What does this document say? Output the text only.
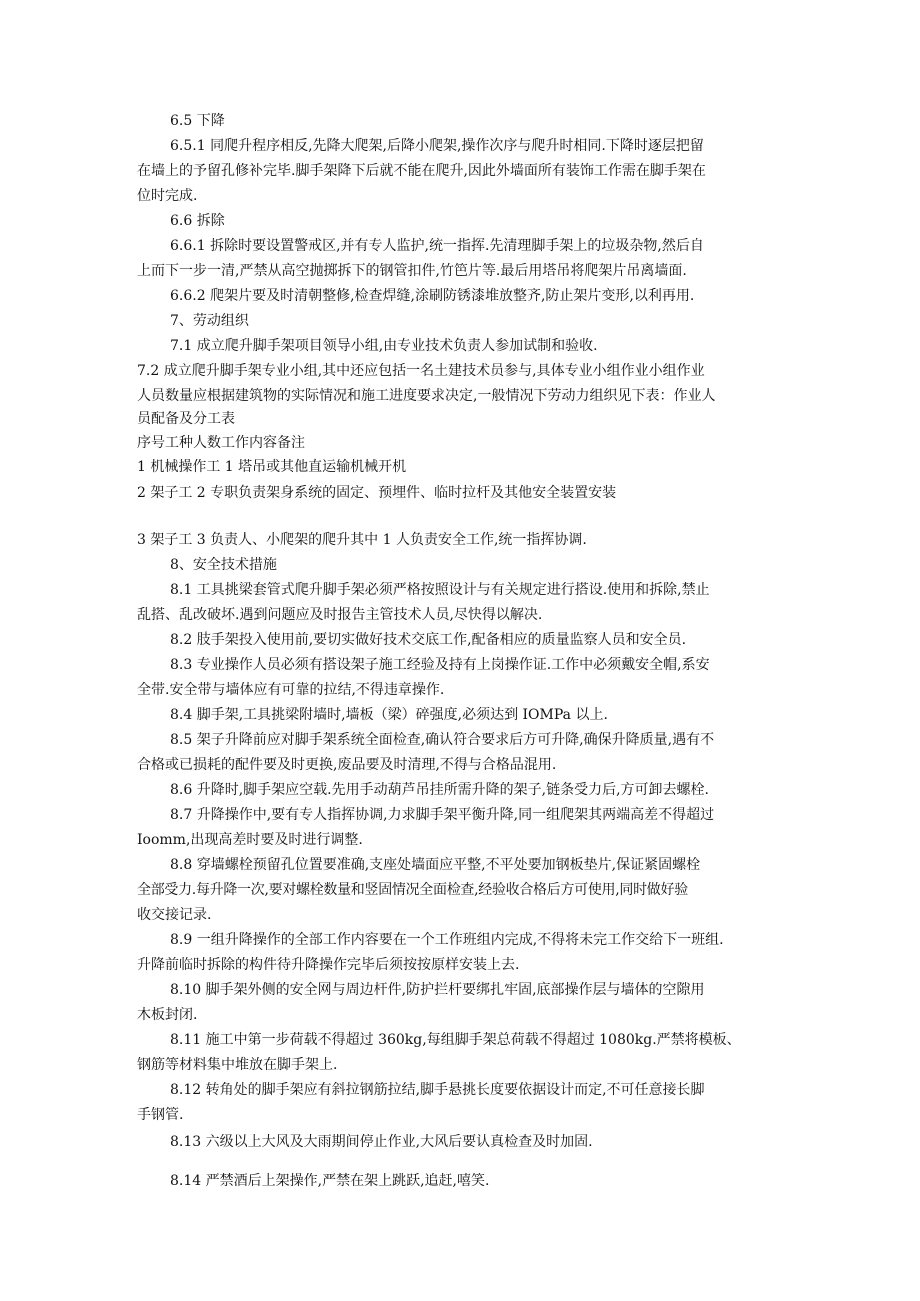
6.5 下降
6.5.1 同爬升程序相反,先降大爬架,后降小爬架,操作次序与爬升时相同.下降时逐层把留
在墙上的予留孔修补完毕.脚手架降下后就不能在爬升,因此外墙面所有装饰工作需在脚手架在
位时完成.
6.6 拆除
6.6.1 拆除时要设置警戒区,并有专人监护,统一指挥.先清理脚手架上的垃圾杂物,然后自
上而下一步一清,严禁从高空抛掷拆下的钢管扣件,竹笆片等.最后用塔吊将爬架片吊离墙面.
6.6.2 爬架片要及时清朝整修,检查焊缝,涂刷防锈漆堆放整齐,防止架片变形,以利再用.
7、劳动组织
7.1 成立爬升脚手架项目领导小组,由专业技术负责人参加试制和验收.
7.2 成立爬升脚手架专业小组,其中还应包括一名土建技术员参与,具体专业小组作业小组作业
人员数量应根据建筑物的实际情况和施工进度要求决定,一般情况下劳动力组织见下表：作业人
员配备及分工表
序号工种人数工作内容备注
1 机械操作工 1 塔吊或其他直运输机械开机
2 架子工 2 专职负责架身系统的固定、预埋件、临时拉杆及其他安全装置安装
3 架子工 3 负责人、小爬架的爬升其中 1 人负责安全工作,统一指挥协调.
8、安全技术措施
8.1 工具挑梁套管式爬升脚手架必须严格按照设计与有关规定进行搭设.使用和拆除,禁止
乱搭、乱改破坏.遇到问题应及时报告主管技术人员,尽快得以解决.
8.2 肢手架投入使用前,要切实做好技术交底工作,配备相应的质量监察人员和安全员.
8.3 专业操作人员必须有搭设架子施工经验及持有上岗操作证.工作中必须戴安全帽,系安
全带.安全带与墙体应有可靠的拉结,不得违章操作.
8.4 脚手架,工具挑梁附墙时,墙板（梁）碎强度,必须达到 IOMPa 以上.
8.5 架子升降前应对脚手架系统全面检查,确认符合要求后方可升降,确保升降质量,遇有不
合格或已损耗的配件要及时更换,废品要及时清理,不得与合格品混用.
8.6 升降时,脚手架应空载.先用手动葫芦吊挂所需升降的架子,链条受力后,方可卸去螺栓.
8.7 升降操作中,要有专人指挥协调,力求脚手架平衡升降,同一组爬架其两端高差不得超过
Ioomm,出现高差时要及时进行调整.
8.8 穿墙螺栓预留孔位置要准确,支座处墙面应平整,不平处要加钢板垫片,保证紧固螺栓
全部受力.每升降一次,要对螺栓数量和竖固情况全面检查,经验收合格后方可使用,同时做好验
收交接记录.
8.9 一组升降操作的全部工作内容要在一个工作班组内完成,不得将未完工作交给下一班组.
升降前临时拆除的构件待升降操作完毕后须按按原样安装上去.
8.10 脚手架外侧的安全网与周边杆件,防护拦杆要绑扎牢固,底部操作层与墙体的空隙用
木板封闭.
8.11 施工中第一步荷载不得超过 360kg,每组脚手架总荷载不得超过 1080kg.严禁将模板、
钢筋等材料集中堆放在脚手架上.
8.12 转角处的脚手架应有斜拉钢筋拉结,脚手悬挑长度要依据设计而定,不可任意接长脚
手钢管.
8.13 六级以上大风及大雨期间停止作业,大风后要认真检查及时加固.
8.14 严禁酒后上架操作,严禁在架上跳跃,追赶,嘻笑.
